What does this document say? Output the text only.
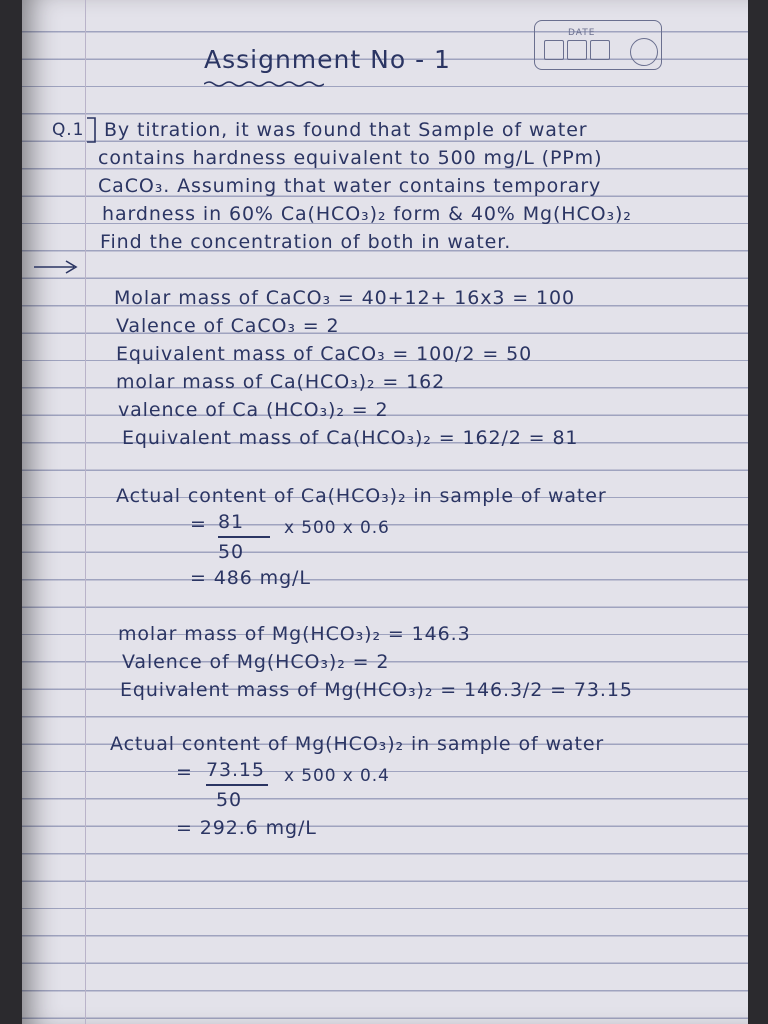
DATE

Assignment No - 1

Q.1 By titration, it was found that Sample of water

contains hardness equivalent to 500 mg/L (PPm)

CaCO₃. Assuming that water contains temporary

hardness in 60% Ca(HCO₃)₂ form & 40% Mg(HCO₃)₂

Find the concentration of both in water.

Molar mass of CaCO₃ = 40+12+ 16x3 = 100

Valence of CaCO₃ = 2

Equivalent mass of CaCO₃ = 100/2 = 50

molar mass of Ca(HCO₃)₂ = 162

valence of Ca (HCO₃)₂ = 2

Equivalent mass of Ca(HCO₃)₂ = 162/2 = 81

Actual content of Ca(HCO₃)₂ in sample of water

= 81
50

x 500 x 0.6

= 486 mg/L

molar mass of Mg(HCO₃)₂ = 146.3

Valence of Mg(HCO₃)₂ = 2

Equivalent mass of Mg(HCO₃)₂ = 146.3/2 = 73.15

Actual content of Mg(HCO₃)₂ in sample of water

= 73.15
50

x 500 x 0.4

= 292.6 mg/L
